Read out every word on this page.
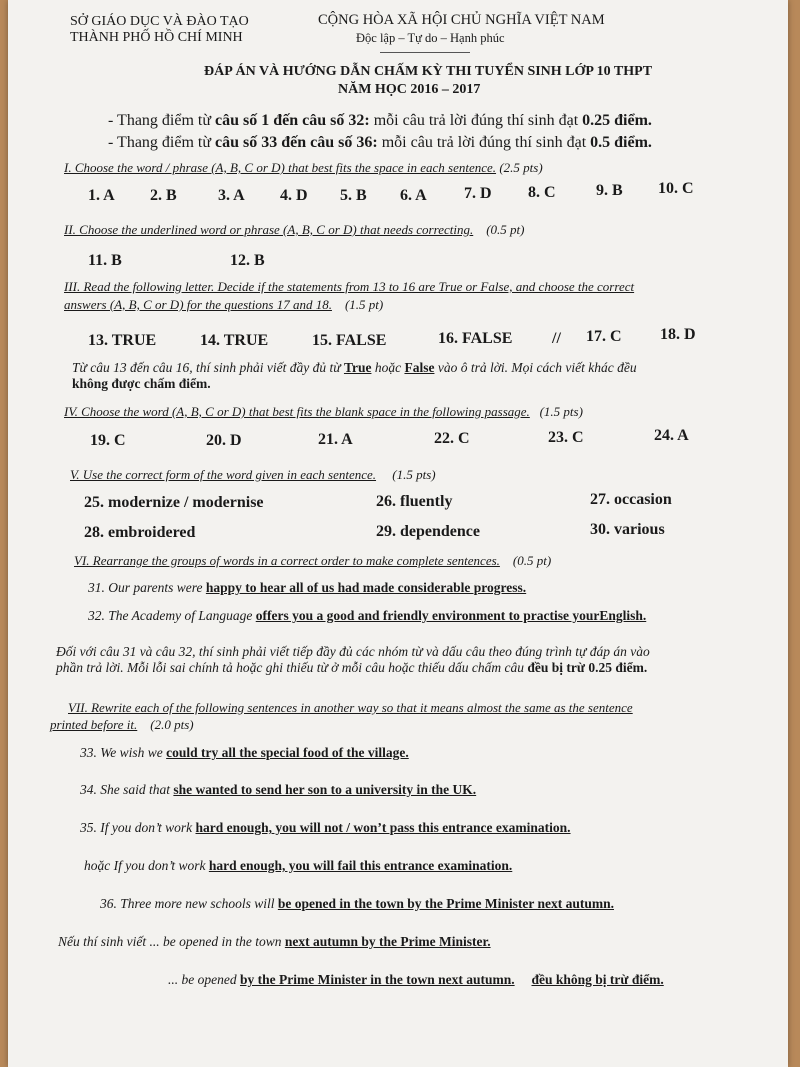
SỞ GIÁO DỤC VÀ ĐÀO TẠO
THÀNH PHỐ HỒ CHÍ MINH
CỘNG HÒA XÃ HỘI CHỦ NGHĨA VIỆT NAM
Độc lập – Tự do – Hạnh phúc
ĐÁP ÁN VÀ HƯỚNG DẪN CHẤM KỲ THI TUYỂN SINH LỚP 10 THPT
NĂM HỌC 2016 – 2017
- Thang điểm từ câu số 1 đến câu số 32: mỗi câu trả lời đúng thí sinh đạt 0.25 điểm.
- Thang điểm từ câu số 33 đến câu số 36: mỗi câu trả lời đúng thí sinh đạt 0.5 điểm.
I. Choose the word / phrase (A, B, C or D) that best fits the space in each sentence. (2.5 pts)
1. A 2. B	3. A 4. D 5. B 6. A 7. D 8. C	9. B 10. C
II. Choose the underlined word or phrase (A, B, C or D) that needs correcting. (0.5 pt)
11. B	12. B
III. Read the following letter. Decide if the statements from 13 to 16 are True or False, and choose the correct
answers (A, B, C or D) for the questions 17 and 18. (1.5 pt)
13. TRUE	14. TRUE	15. FALSE	16. FALSE // 17. C 18. D
Từ câu 13 đến câu 16, thí sinh phải viết đầy đủ từ True hoặc False vào ô trả lời. Mọi cách viết khác đều
không được chấm điểm.
IV. Choose the word (A, B, C or D) that best fits the blank space in the following passage. (1.5 pts)
19. C	20. D	21. A	22. C	23. C	24. A
V. Use the correct form of the word given in each sentence. (1.5 pts)
25. modernize / modernise	26. fluently	27. occasion
28. embroidered	29. dependence	30. various
VI. Rearrange the groups of words in a correct order to make complete sentences. (0.5 pt)
31. Our parents were happy to hear all of us had made considerable progress.
32. The Academy of Language offers you a good and friendly environment to practise yourEnglish.
Đối với câu 31 và câu 32, thí sinh phải viết tiếp đầy đủ các nhóm từ và dấu câu theo đúng trình tự đáp án vào
phần trả lời. Mỗi lỗi sai chính tả hoặc ghi thiếu từ ở mỗi câu hoặc thiếu dấu chấm câu đều bị trừ 0.25 điểm.
VII. Rewrite each of the following sentences in another way so that it means almost the same as the sentence
printed before it. (2.0 pts)
33. We wish we could try all the special food of the village.
34. She said that she wanted to send her son to a university in the UK.
35. If you don’t work hard enough, you will not / won’t pass this entrance examination.
hoặc If you don’t work hard enough, you will fail this entrance examination.
36. Three more new schools will be opened in the town by the Prime Minister next autumn.
Nếu thí sinh viết ... be opened in the town next autumn by the Prime Minister.
... be opened by the Prime Minister in the town next autumn. đều không bị trừ điểm.
